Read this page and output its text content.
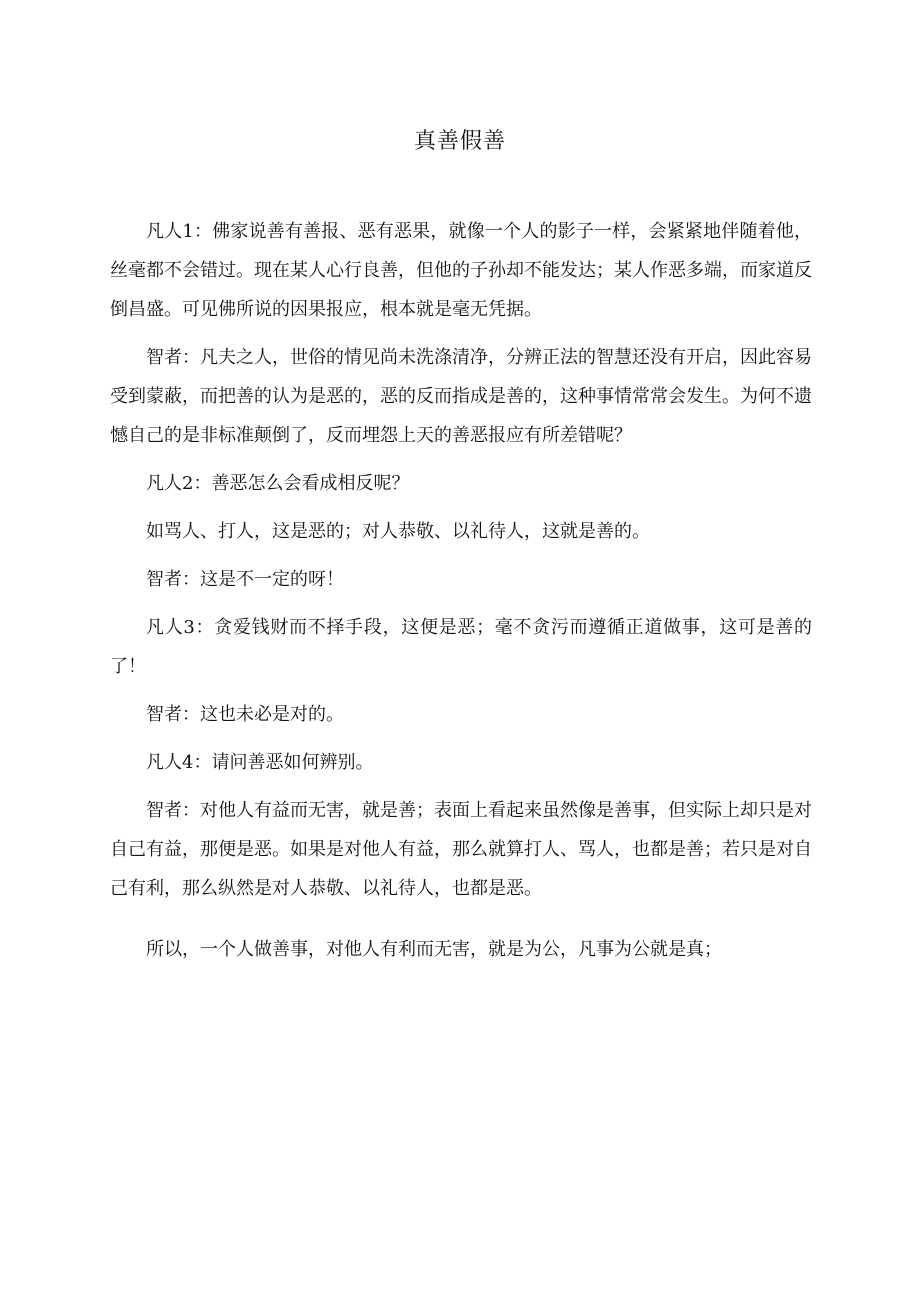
真善假善

凡人1：佛家说善有善报、恶有恶果，就像一个人的影子一样，会紧紧地伴随着他，丝毫都不会错过。现在某人心行良善，但他的子孙却不能发达；某人作恶多端，而家道反倒昌盛。可见佛所说的因果报应，根本就是毫无凭据。

智者：凡夫之人，世俗的情见尚未洗涤清净，分辨正法的智慧还没有开启，因此容易受到蒙蔽，而把善的认为是恶的，恶的反而指成是善的，这种事情常常会发生。为何不遗憾自己的是非标准颠倒了，反而埋怨上天的善恶报应有所差错呢？

凡人2：善恶怎么会看成相反呢？

如骂人、打人，这是恶的；对人恭敬、以礼待人，这就是善的。

智者：这是不一定的呀！

凡人3：贪爱钱财而不择手段，这便是恶；毫不贪污而遵循正道做事，这可是善的了！

智者：这也未必是对的。

凡人4：请问善恶如何辨别。

智者：对他人有益而无害，就是善；表面上看起来虽然像是善事，但实际上却只是对自己有益，那便是恶。如果是对他人有益，那么就算打人、骂人，也都是善；若只是对自己有利，那么纵然是对人恭敬、以礼待人，也都是恶。

所以，一个人做善事，对他人有利而无害，就是为公，凡事为公就是真；
